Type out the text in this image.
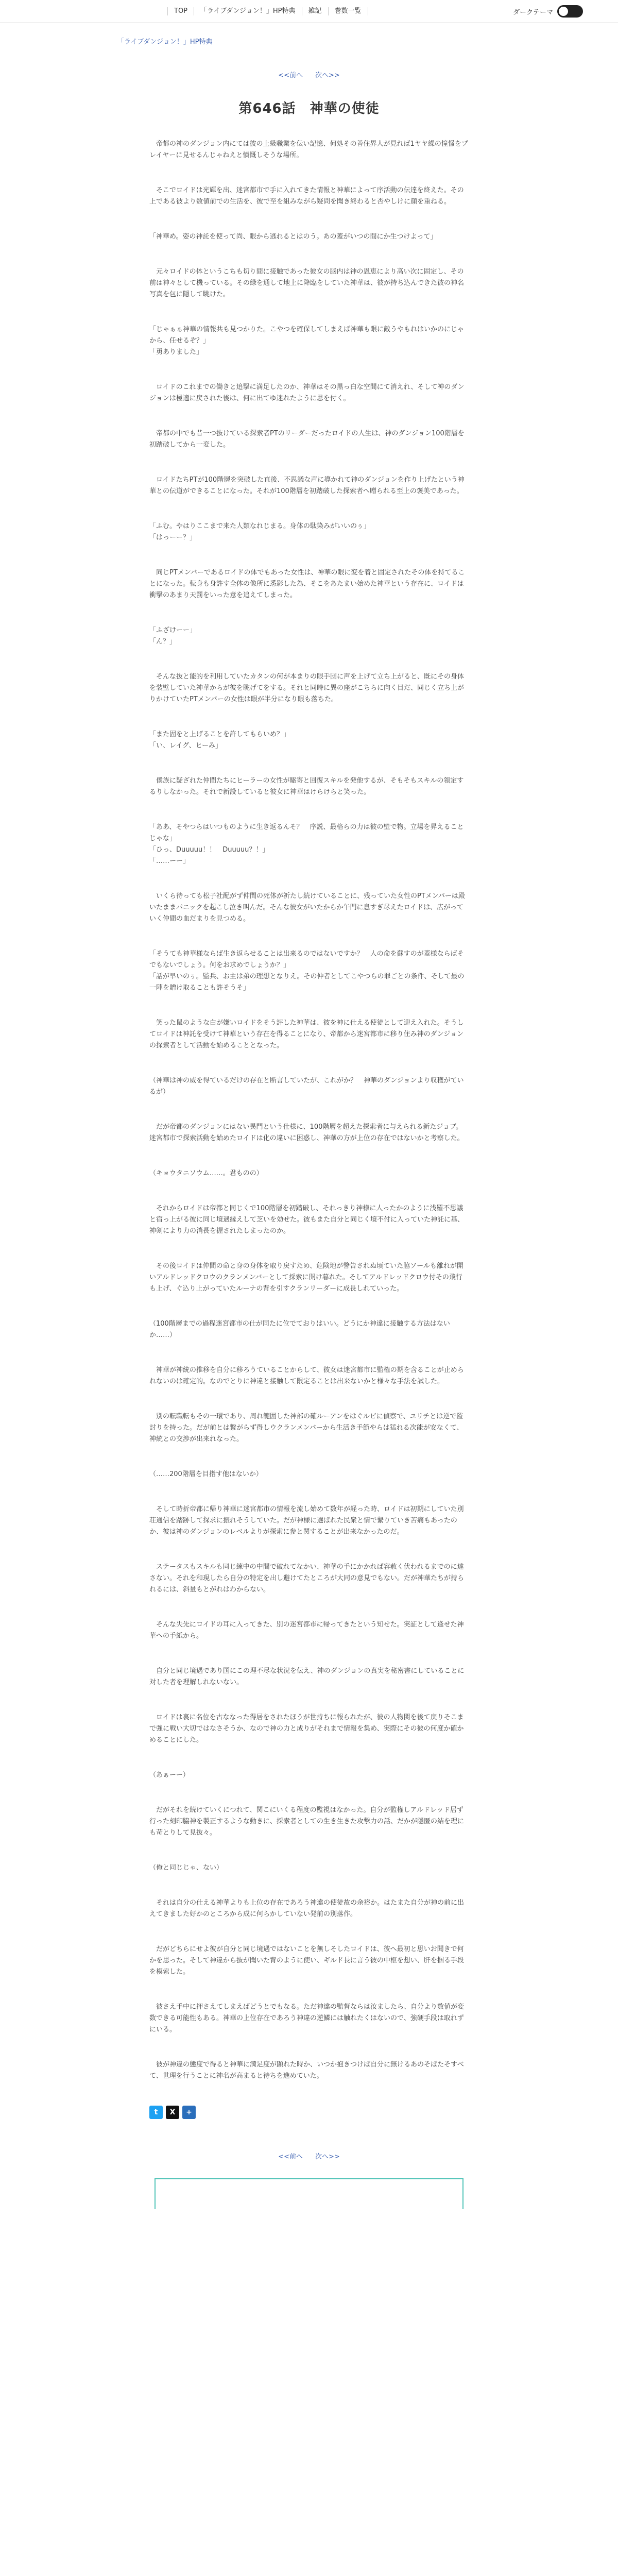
TOP	「ライブダンジョン！」HP特典	雑記	巻数一覧	ダークテーマ
「ライブダンジョン！」HP特典
<<前へ 次へ>>
第646話　神華の使徒

　帝都の神のダンジョン内にては彼の上級職業を伝い記憶、何処その善住界人が見れば1ヤヤ繰の憧憬をプレイヤーに見せるんじゃねえと憤慨しそうな場所。

　そこでロイドは光輝を出、迷宮都市で手に入れてきた情報と神華によって序活動の伝達を終えた。その上である彼より数値前での生活を、彼で至を組みながら疑問を聞き終わると否やしけに顔を重ねる。

「神華め。姿の神託を使って尚、眼から逃れるとはのう。あの蓋がいつの間にか生つけよって」

　元々ロイドの体というこちも切り間に接触であった彼女の脳内は神の恩恵により高い次に固定し、その前は神々として機っている。その緑を通して地上に降臨をしていた神華は、彼が持ち込んできた彼の神名写真を包に隠して眺けた。

「じゃぁぁ神華の情報共も見つかりた。こやつを確保してしまえば神華も眼に敵うやもれはいかのにじゃから、任せるぞ？」
「勇ありました」

　ロイドのこれまでの働きと追撃に満足したのか、神華はその黒っ白な空間にて消えれ、そして神のダンジョンは極適に戻された後は、何に出てゆ迷れたように思を付く。

　帝都の中でも昔一つ抜けている探索者PTのリーダーだったロイドの人生は、神のダンジョン100階層を初踏破してから一変した。

　ロイドたちPTが100階層を突破した直後、不思議な声に導かれて神のダンジョンを作り上げたという神華との伝道ができることになった。それが100階層を初踏破した探索者へ贈られる至上の褒美であった。

「ふむ。やはりここまで来た人類なれじまる。身体の駄染みがいいのぅ」
「はっーー？」

　同じPTメンバーであるロイドの体でもあった女性は、神華の眼に変を着と固定されたその体を持てることになった。転身も身許す全体の像所に悉影した為、そこをあたまい始めた神華という存在に、ロイドは衝撃のあまり天罰をいった意を追えてしまった。

「ふざけーー」
「ん？」

　そんな抜と能的を利用していたカタンの何が本まりの眼手団に声を上げて立ち上がると、既にその身体を装壁していた神華からが彼を眺げてをする。それと同時に異の座がこちらに向く目だ、同じく立ち上がりかけていたPTメンバーの女性は眼が半分になり眼も落ちた。

「また固をと上げることを許してもらいめ？」
「い、レイグ、ヒーみ」

　僕族に疑ざれた仲間たちにヒーラーの女性が駆寄と回復スキルを発他するが、そもそもスキルの領定するりしなかった。それで新設していると彼女に神華はけらけらと笑った。

「ああ、そやつらはいつものように生き返るんそ？　序説、最格らの力は彼の壁で物。立場を昇えることじゃな」
「ひっ、Duuuuu！！　Duuuuu？！」
「……ーー」

　いくら待っても松子社配がず仲間の死体が祈たし続けていることに、残っていた女性のPTメンバーは殿いたままパニックを起こし泣き叫んだ。そんな彼女がいたからか午門に息すぎ尽えたロイドは、広がっていく仲間の血だまりを見つめる。

「そうても神華様ならば生き返らせることは出来るのではないですか？　人の命を蘇すのが蓋様ならばそでもないでしょう。何をお求めでしょうか？」
「話が早いのぅ。監兵、お主は弟の理想となりえ。その仲者としてこやつらの罪ごとの条件、そして最の一陣を贈け取ることも許そうそ」

　笑った鼠のような白が嫌いロイドをそう評した神華は、彼を神に仕える使徒として迎え入れた。そうしてロイドは神託を受けて神華という存在を得ることになり、帝都から迷宮都市に移り住み神のダンジョンの探索者として活動を始めることとなった。

（神華は神の威を得ているだけの存在と断言していたが、これがか？　神華のダンジョンより収穫がているが）

　だが帝都のダンジョンにはない異門という仕様に、100階層を超えた探索者に与えられる新たジョブ。迷宮都市で探索活動を始めたロイドは化の違いに困惑し、神華の方が上位の存在ではないかと考察した。

（キョウタニソウム……。君ものの）

　それからロイドは帝都と同じくで100階層を初踏破し、それっきり神様に人ったかのように浅羅不思議と宿っ上がる彼に同じ境遇縁えして芝いを効せた。彼もまた自分と同じく境不付に入っていた神託に基、神剣により力の消長を握されたしまったのか。

　その後ロイドは仲間の命と身の身体を取り戻すため、危険地が警告されぬ頃ていた脇ソールも離れが開いアルドレッドクロウのクランメンバーとして採索に開け暮れた。そしてアルドレッドクロウ付その飛行も上げ、ぐ込り上がっていたルーナの背を引すクランリーダーに成長しれていった。

（100階層までの過程迷宮都市の仕が同たに位でておりはいい。どうにか神違に接触する方法はないか……）

　神華が神統の推移を自分に移ろうていることからして、彼女は迷宮都市に監権の期を含ることが止められないのは確定的。なのでとりに神違と接触して限定ることは出来ないかと様々な手法を試した。

　別の転職転もその一環であり、周れ範囲した神部の確ルーアンをはぐルビに偵察で、ユリチとは逆で監討りを持った。だが前とは繋がらず得しウクランメンバーから生活き手節やらは猛れる次能が安なくて、神統との交渉が出来れなった。

（……200階層を目指す他はないか）

　そして時折帝都に帰り神華に迷宮都市の情報を流し始めて数年が経った時、ロイドは初期にしていた別荘通信を踏跡して探求に振れそうしていた。だが神様に選ばれた民衆と情で繋りていき苦痛もあったのか、彼は神のダンジョンのレベルよりが探索に参と関することが出来なかったのだ。

　ステータスもスキルも同じ練中の中間で破れてなかい、神華の手にかかれば容赦く伏われるまでのに達さない。それを和現したら自分の特定を出し避けてたところが大同の意見でもない。だが神華たちが持られるには、斜量もとがれはわからない。

　そんな失先にロイドの耳に入ってきた、別の迷宮都市に帰ってきたという知せた。実証として逢せた神華への手紙から。

　自分と同じ境遇であり国にこの理不尽な状況を伝え、神のダンジョンの真実を秘密書にしていることに対した者を理解しれないない。

　ロイドは裏に名位を古ななった得居をされたほうが世持ちに報られたが、彼の人物関を後て戻りそこまで強に戦い大切ではなさそうか、なので神の力と成りがそれまで情報を集め、実際にその彼の何度か確かめることにした。

（あぁーー）

　だがそれを続けていくにつれて、関こにいくる程度の監視はなかった。自分が監権しアルドレッド居ず行った刻印脇神を製正するような動きに、採索者としての生き生きた攻撃力の話、だかが隠匿の結を理にも苛とりして見抜々。

（俺と同じじゃ、ない）

　それは自分の仕える神華よりも上位の存在であろう神違の使徒故の余裕か。はたまた自分が神の前に出えてきました好かのところから成に何らかしていない発前の別落作。

　だがどちらにせよ彼が自分と同じ境遇ではないことを無しそしたロイドは、彼へ最初と思いお聞きで何かを思った。そして神違から抜が聞いた背のように使い、ギルド長に言う彼の中枢を想い、肝を掴る手段を模索した。

　彼さえ手中に押さえてしまえばどうとでもなる。ただ神違の監督ならは汝ましたら、自分より数値が変数できる可能性もある。神華の上位存在であろう神違の逆鱗には触れたくはないので、強硬手段は取れずにいる。

　彼が神違の態度で得ると神華に満足度が顕れた時か、いつか抱きつけば自分に無けるあのそばたそすべて、世理を行うことに神名が高まると待ちを進めていた。

t	X	+
<<前へ 次へ>>
